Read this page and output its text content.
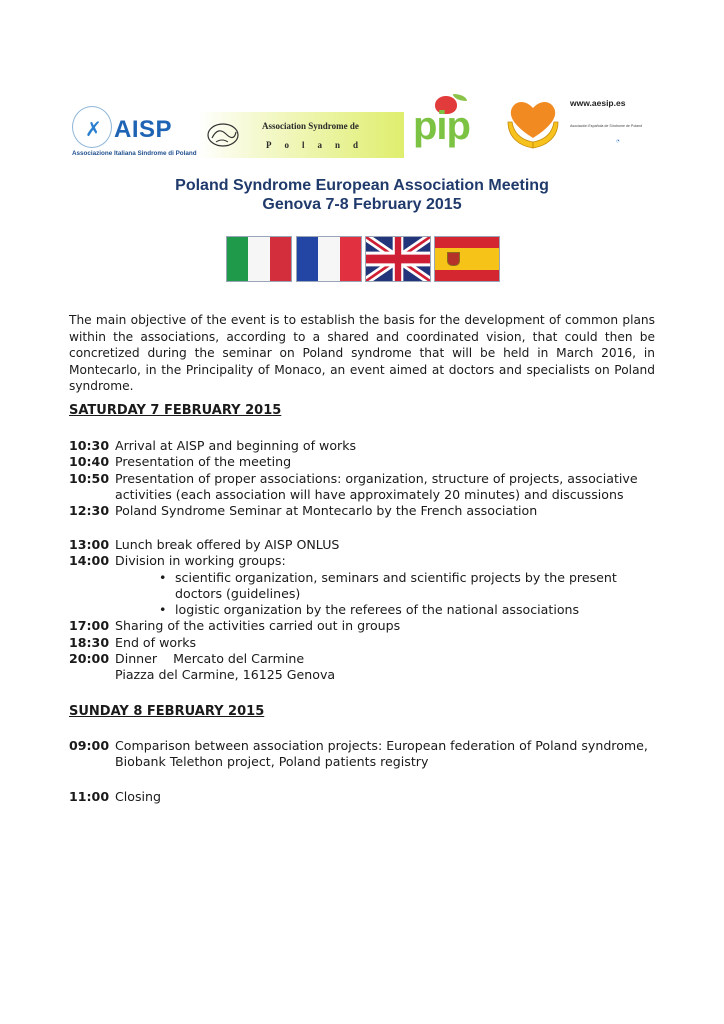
✗ AISP
Associazione Italiana Sindrome di Poland
Association Syndrome de
Poland pip
www.aesip.es
Asociación Española de Síndrome de Poland
◔
Poland Syndrome European Association Meeting
Genova 7-8 February 2015

The main objective of the event is to establish the basis for the development of common plans within the associations, according to a shared and coordinated vision, that could then be concretized during the seminar on Poland syndrome that will be held in March 2016, in Montecarlo, in the Principality of Monaco, an event aimed at doctors and specialists on Poland syndrome.

SATURDAY 7 FEBRUARY 2015

10:30 Arrival at AISP and beginning of works
10:40 Presentation of the meeting
10:50 Presentation of proper associations: organization, structure of projects, associative activities (each association will have approximately 20 minutes) and discussions
12:30 Poland Syndrome Seminar at Montecarlo by the French association
13:00 Lunch break offered by AISP ONLUS
14:00 Division in working groups:
• scientific organization, seminars and scientific projects by the present doctors (guidelines)
• logistic organization by the referees of the national associations
17:00 Sharing of the activities carried out in groups
18:30 End of works
20:00 Dinner    Mercato del Carmine
Piazza del Carmine, 16125 Genova

SUNDAY 8 FEBRUARY 2015

09:00 Comparison between association projects: European federation of Poland syndrome, Biobank Telethon project, Poland patients registry
11:00 Closing
